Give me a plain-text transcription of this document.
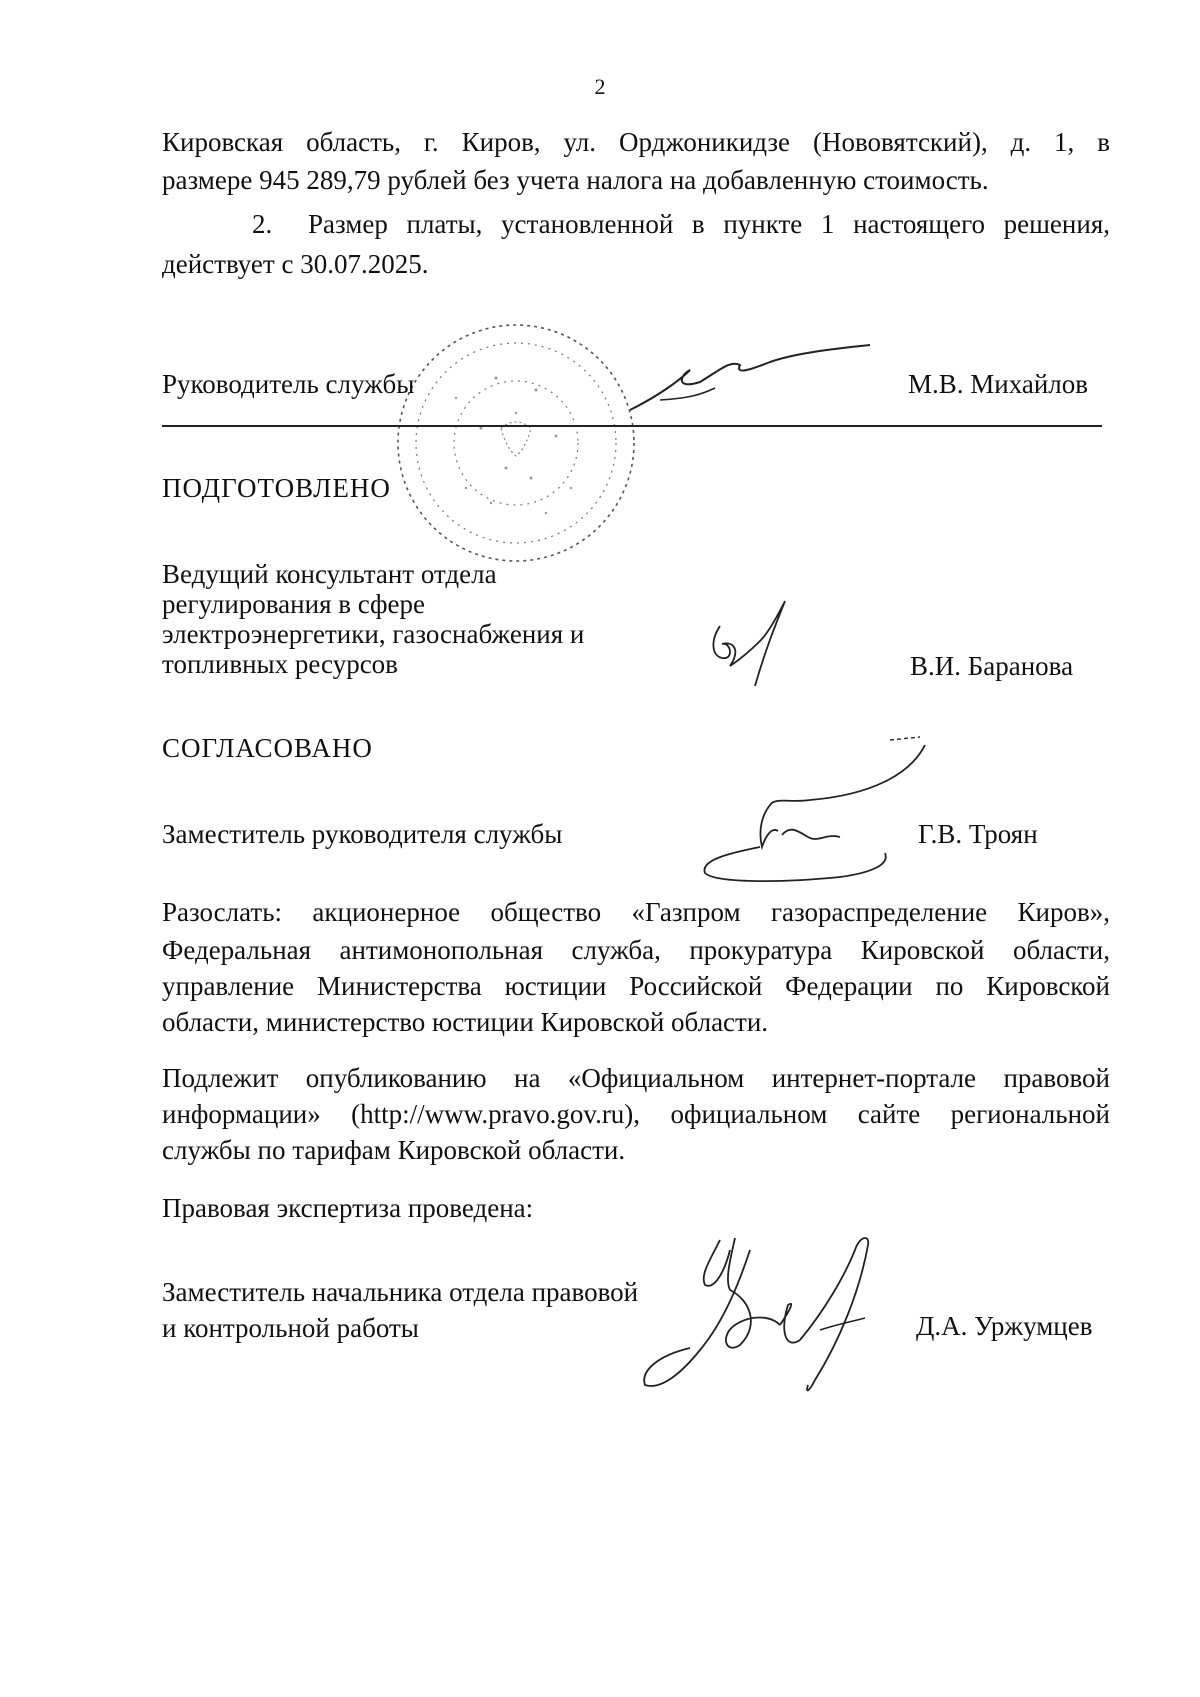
2
Кировская область, г. Киров, ул. Орджоникидзе (Нововятский), д. 1, в
размере 945 289,79 рублей без учета налога на добавленную стоимость.
2. Размер платы, установленной в пункте 1 настоящего решения,
действует с 30.07.2025.
Руководитель службы	М.В. Михайлов
ПОДГОТОВЛЕНО
Ведущий консультант отдела
регулирования в сфере
электроэнергетики, газоснабжения и
топливных ресурсов	В.И. Баранова
СОГЛАСОВАНО
Заместитель руководителя службы	Г.В. Троян
Разослать: акционерное общество «Газпром газораспределение Киров»,
Федеральная антимонопольная служба, прокуратура Кировской области,
управление Министерства юстиции Российской Федерации по Кировской
области, министерство юстиции Кировской области.
Подлежит опубликованию на «Официальном интернет-портале правовой
информации» (http://www.pravo.gov.ru), официальном сайте региональной
службы по тарифам Кировской области.
Правовая экспертиза проведена:
Заместитель начальника отдела правовой
и контрольной работы	Д.А. Уржумцев
